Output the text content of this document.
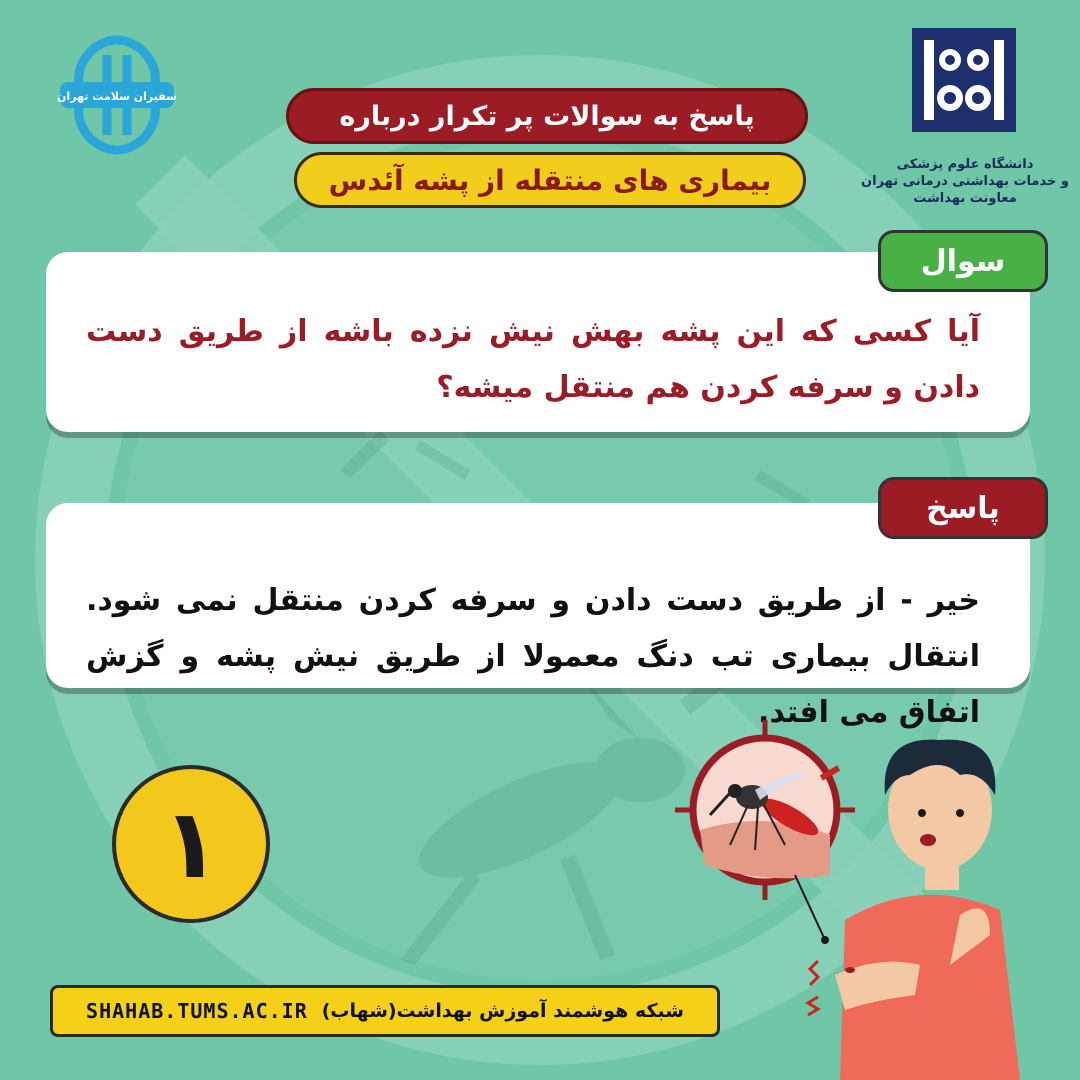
سفیران سلامت تهران
پاسخ به سوالات پر تکرار درباره
بیماری های منتقله از پشه آئدس	دانشگاه علوم پزشکی
و خدمات بهداشتی درمانی تهران
معاونت بهداشت
آیا کسی که این پشه بهش نیش نزده باشه از طریق دست دادن و سرفه کردن هم منتقل میشه؟
سوال
خیر - از طریق دست دادن و سرفه کردن منتقل نمی شود. انتقال بیماری تب دنگ معمولا از طریق نیش پشه و گزش اتفاق می افتد.
پاسخ
۱
شبکه هوشمند آموزش بهداشت(شهاب)
SHAHAB.TUMS.AC.IR
